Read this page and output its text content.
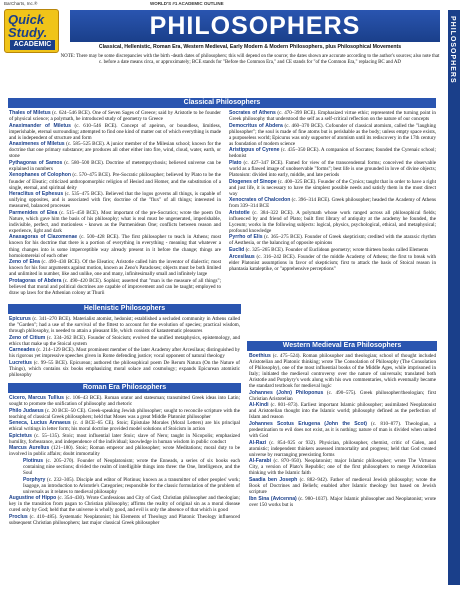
BarCharts, Inc.®	WORLD'S #1 ACADEMIC OUTLINE
Quick
Study.
ACADEMIC
PHILOSOPHERS	PHILOSOPHERS
Classical, Hellenistic, Roman Era, Western Medieval, Early Modern & Modern Philosophers, plus Philosophical Movements
NOTE: There may be some discrepancies with the birth -death dates of philosophers; this will depend on the source; the dates shown are accurate according to the author's sources; also note that c. before a date means circa, or approximately; BCE stands for "Before the Common Era," and CE stands for "of the Common Era," replacing BC and AD
Classical Philosophers

Thales of Miletus (c. 624–546 BCE). One of Seven Sages of Greece; said by Aristotle to be founder of physical science; a polymath, he introduced study of geometry to Greece

Anaximander of Miletus (c. 610–546 BCE). Concept of apeiron, or boundless, limitless, imperishable, eternal surrounding; attempted to find one kind of matter out of which everything is made and is independent of structure and form

Anaximenes of Miletus (c. 585–525 BCE). A junior member of the Milesian school; known for the doctrine that one primary substance; are produces all other either into fire, wind, cloud, water, earth, or stone

Pythagoras of Samos (c. 580–500 BCE). Doctrine of metempsychosis; believed universe can be explained in numbers

Xenophanes of Colophon (c. 570–475 BCE). Pre-Socratic philosopher; believed by Plato to be the founder of Eleatic; criticized anthropomorphic religion of Hesiod and Homer, and the substitution of a single, eternal, and spiritual deity

Heraclitus of Ephesus (c. 535–475 BCE). Believed that the logos governs all things, is capable of unifying opposites, and is associated with fire; doctrine of the "flux" of all things; interested in measured, balanced processes

Parmenides of Elea (c. 515–450 BCE). Most important of the pre-Socratics; wrote the poem On Nature, which gave him the basis of his philosophy; what is real must be ungenerated, imperishable, indivisible, perfect, and motionless - known as the Parmenidean One; conflicts between reason and experience, light and dark

Anaxagoras of Clazomenae (c. 500–428 BCE). The first philosopher to teach in Athens; most known for his doctrine that there is a portion of everything in everything - meaning that whatever a thing changes into is some imperceptible way already present in it before the change; things are homoiomereiai of each other

Zeno of Elea (c. 490–430 BCE). Of the Eleatics; Aristotle called him the inventor of dialectic; most known for his four arguments against motion, known as Zeno's Paradoxes; objects must be both limited and unlimited in number, like and unlike, one and many, infinitesimally small and infinitely large

Protagoras of Abdera (c. 490–420 BCE). Sophist; asserted that "man is the measure of all things"; believed that moral and political doctrines are capable of improvement and can be taught; employed to draw up laws for the Athenian colony at Thurii

Socrates of Athens (c. 470–399 BCE). Emphasized virtue ethic; represented the turning point in Greek philosophy that understood the self as a self-critical reflection on the nature of our concepts

Democritus of Abdera (c. 460–370 BCE). Cofounder of classical atomism, called the "laughing philosopher"; the soul is made of fine atoms but is perishable as the body; unless empty space exists, a purposeless world; Epicurus was only supporter of atomism until its rediscovery in the 17th century as foundation of modern science

Aristippus of Cyrene (c. 435–350 BCE). A companion of Socrates; founded the Cyrenaic school; hedonist

Plato (c. 427–347 BCE). Famed for view of the transcendental forms; conceived the observable world as a flawed image of unobservable "forms"; best life is one grounded in love of divine objects; Platonism: divided into early, middle, and late periods

Diogenes of Sinope (c. 400–325 BCE). Founder of the Cynics; taught that in order to have a right and just life, it is necessary to have the simplest possible needs and satisfy them in the most direct way

Xenocrates of Chalcedon (c. 396–314 BCE). Greek philosopher; headed the Academy of Athens from 339–314 BCE

Aristotle (c. 384–322 BCE). A polymath whose work ranged across all philosophical fields; influenced by and friend of Plato; built first library of antiquity at the academy he founded, the Lyceum; works in the following subjects: logical, physics, psychological, ethical, and metaphysical; profound knowledge

Pyrrho of Elis (c. 365–275 BCE). Founder of Greek skepticism; credited with the ataraxic rhythm of Aesthesia, or the balancing of opposite opinions

Euclid (c. 325–265 BCE). Founder of Euclidean geometry; wrote thirteen books called Elements

Arcesilaus (c. 316–242 BCE). Founder of the middle Academy of Athens; the first to break with elder Platonist assumptions in favor of skepticism; first to attack the basis of Stoical reason in phantasia kataleptike, or "apprehensive perceptions"

Hellenistic Philosophers

Epicurus (c. 341–270 BCE). Materialist atomist, hedonist; established a secluded community in Athens called the "Garden"; had a use of the survival of the fittest to account for the evolution of species; practical wisdom, through philosophy, is needed to attain a pleasant life, which consists of katastematic pleasures

Zeno of Citium (c. 334–262 BCE). Founder of Stoicism; evolved the unified metaphysics, epistemology, and ethics that make up the Stoical system

Carneades (c. 214–129 BCE). Most prominent member of the later Academy after Arcesilaus; distinguished by his rigorous yet impressive speeches given in Rome defending justice; vocal opponent of natural theology

Lucretius (c. 99–55 BCE). Epicurean; authored the philosophical poem De Rerum Natura (On the Nature of Things), which contains six books emphasizing moral solace and cosmology; expands Epicurean atomistic philosophy

Roman Era Philosophers

Cicero, Marcus Tullius (c. 106–43 BCE). Roman orator and statesman; transmitted Greek ideas into Latin; sought to promote the unification of philosophy and rhetoric

Philo Judaeus (c. 20 BCE–50 CE). Greek-speaking Jewish philosopher; sought to reconcile scripture with the teaching of classical Greek philosophers; held that Moses was a great Middle Platonist philosopher

Seneca, Lucius Annaeus (c. 4 BCE–65 CE). Stoic; Epistulae Morales (Moral Letters) are his principal ethical writings in letter form; his moral doctrine provided model solutions of Stoicism in action

Epictetus (c. 55–135). Stoic; most influential later Stoic; slave of Nero; taught in Nicopolis; emphasized humility, forbearance, and independence of the individual; knowledge in human wisdom in public conduct

Marcus Aurelius (121–180). Stoic; Roman emperor and philosopher; wrote Meditations; moral duty to be involved in public affairs; doubt immortality

Plotinus (c. 205–270). Founder of Neoplatonism; wrote the Enneads, a series of six books each containing nine sections; divided the realm of intelligible things into three: the One, Intelligence, and the Soul

Porphyry (c. 232–305). Disciple and editor of Plotinus; known as a transmitter of other peoples' work; Isagoge, an introduction to Aristotle's Categories; responsible for the classic formulation of the problem of universals as it relates to medieval philosophy

Augustine of Hippo (c. 354–430). Wrote Confessions and City of God; Christian philosopher and theologian; key in the transition from pagan to Christian philosophy; affirms the reality of original sin as a moral disease cured only by God; held that the universe is wholly good, and evil is only the absence of that which is good

Proclus (c. 410–485). Systematic Neoplatonist; his Elements of Theology and Platonic Theology influenced subsequent Christian philosophers; last major classical Greek philosopher

Western Medieval Era Philosophers

Boethius (c. 475–524). Roman philosopher and theologian; school of thought included Aristotelian and Platonic thinking; wrote The Consolation of Philosophy (The Consolation of Philosophy), one of the most influential books of the Middle Ages, while imprisoned in Italy; initiated the medieval controversy over the nature of universals; translated both Aristotle and Porphyry's work along with his own commentaries, which eventually became the standard textbook for medieval logic

Johannes (John) Philoponus (c. 490–575). Greek philosopher/theologian; first Christian Aristotelian

Al-Kindi (c. 801–873). Earliest important Islamic philosopher; assimilated Neoplatonist and Aristotelian thought into the Islamic world; philosophy defined as the perfection of Islam and reason

Johannes Scotus Eriugena (John the Scot) (c. 810–877). Theologian, a predestination to evil does not exist, as it is nothing; nature of man is divided when united with God

Al-Razi (c. 854–925 or 932). Physician, philosopher, chemist, critic of Galen, and atomistic; independent thinkers assessed immortality and progress; held that God created universe by rearranging preexisting forms

Al-Farabi (c. 870–950). Neoplatonist; major Islamic philosopher; wrote The Virtuous City, a version of Plato's Republic; one of the first philosophers to merge Aristotelian thinking with the Islamic faith

Saadia ben Joseph (c. 882–942). Father of medieval Jewish philosophy; wrote the Book of Doctrines and Beliefs; enabled after Islamic theology but based on Jewish scripture

Ibn Sina (Avicenna) (c. 980–1037). Major Islamic philosopher and Neoplatonist; wrote over 150 works but is
